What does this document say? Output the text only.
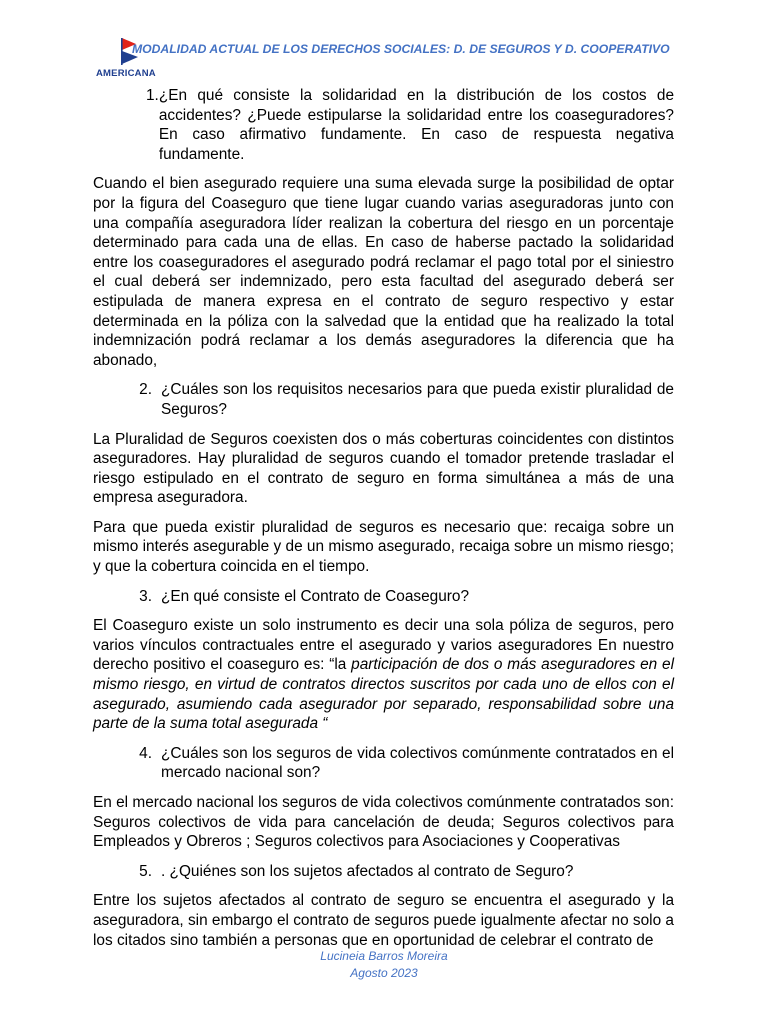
AMERICANA
MODALIDAD ACTUAL DE LOS DERECHOS SOCIALES: D. DE SEGUROS Y D. COOPERATIVO
1. ¿En qué consiste la solidaridad en la distribución de los costos de accidentes? ¿Puede estipularse la solidaridad entre los coaseguradores? En caso afirmativo fundamente. En caso de respuesta negativa fundamente.

Cuando el bien asegurado requiere una suma elevada surge la posibilidad de optar por la figura del Coaseguro que tiene lugar cuando varias aseguradoras junto con una compañía aseguradora líder realizan la cobertura del riesgo en un porcentaje determinado para cada una de ellas. En caso de haberse pactado la solidaridad entre los coaseguradores el asegurado podrá reclamar el pago total por el siniestro el cual deberá ser indemnizado, pero esta facultad del asegurado deberá ser estipulada de manera expresa en el contrato de seguro respectivo y estar determinada en la póliza con la salvedad que la entidad que ha realizado la total indemnización podrá reclamar a los demás aseguradores la diferencia que ha abonado,

2. ¿Cuáles son los requisitos necesarios para que pueda existir pluralidad de Seguros?

La Pluralidad de Seguros coexisten dos o más coberturas coincidentes con distintos aseguradores. Hay pluralidad de seguros cuando el tomador pretende trasladar el riesgo estipulado en el contrato de seguro en forma simultánea a más de una empresa aseguradora.

Para que pueda existir pluralidad de seguros es necesario que: recaiga sobre un mismo interés asegurable y de un mismo asegurado, recaiga sobre un mismo riesgo; y que la cobertura coincida en el tiempo.

3. ¿En qué consiste el Contrato de Coaseguro?

El Coaseguro existe un solo instrumento es decir una sola póliza de seguros, pero varios vínculos contractuales entre el asegurado y varios aseguradores En nuestro derecho positivo el coaseguro es: “la participación de dos o más aseguradores en el mismo riesgo, en virtud de contratos directos suscritos por cada uno de ellos con el asegurado, asumiendo cada asegurador por separado, responsabilidad sobre una parte de la suma total asegurada “

4. ¿Cuáles son los seguros de vida colectivos comúnmente contratados en el mercado nacional son?

En el mercado nacional los seguros de vida colectivos comúnmente contratados son: Seguros colectivos de vida para cancelación de deuda; Seguros colectivos para Empleados y Obreros ; Seguros colectivos para Asociaciones y Cooperativas

5. . ¿Quiénes son los sujetos afectados al contrato de Seguro?

Entre los sujetos afectados al contrato de seguro se encuentra el asegurado y la aseguradora, sin embargo el contrato de seguros puede igualmente afectar no solo a los citados sino también a personas que en oportunidad de celebrar el contrato de

Lucineia Barros Moreira
Agosto 2023
